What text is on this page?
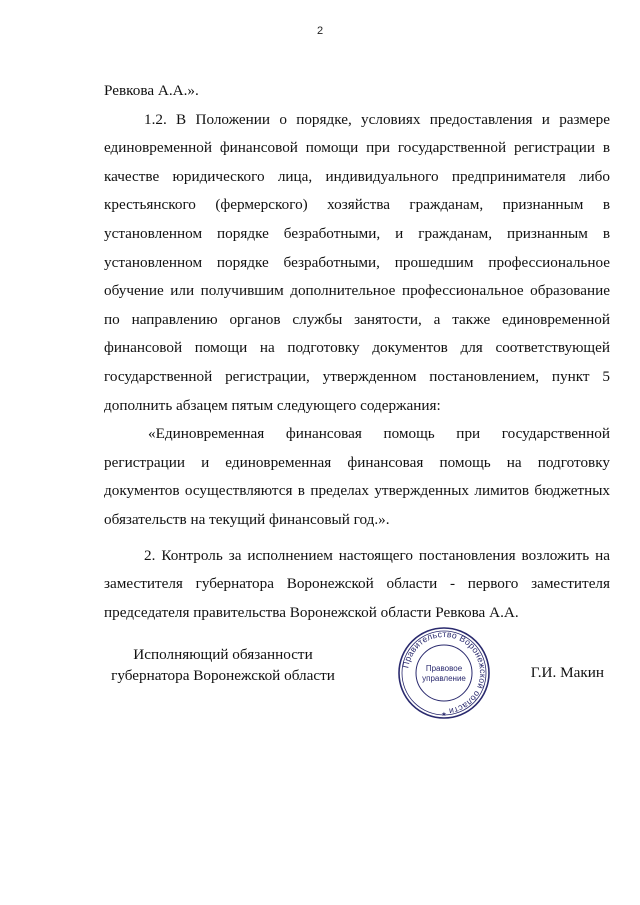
2
Ревкова А.А.».
1.2. В Положении о порядке, условиях предоставления и размере
единовременной финансовой помощи при государственной регистрации в
качестве юридического лица, индивидуального предпринимателя либо
крестьянского (фермерского) хозяйства гражданам, признанным в
установленном порядке безработными, и гражданам, признанным в
установленном порядке безработными, прошедшим профессиональное
обучение или получившим дополнительное профессиональное образование
по направлению органов службы занятости, а также единовременной
финансовой помощи на подготовку документов для соответствующей
государственной регистрации, утвержденном постановлением, пункт 5
дополнить абзацем пятым следующего содержания:
«Единовременная финансовая помощь при государственной
регистрации и единовременная финансовая помощь на подготовку
документов осуществляются в пределах утвержденных лимитов бюджетных
обязательств на текущий финансовый год.».
2. Контроль за исполнением настоящего постановления возложить на
заместителя губернатора Воронежской области - первого заместителя
председателя правительства Воронежской области Ревкова А.А.
Исполняющий обязанности
губернатора Воронежской области
Правительство Воронежской области
Правовое
управление
★
Г.И. Макин
